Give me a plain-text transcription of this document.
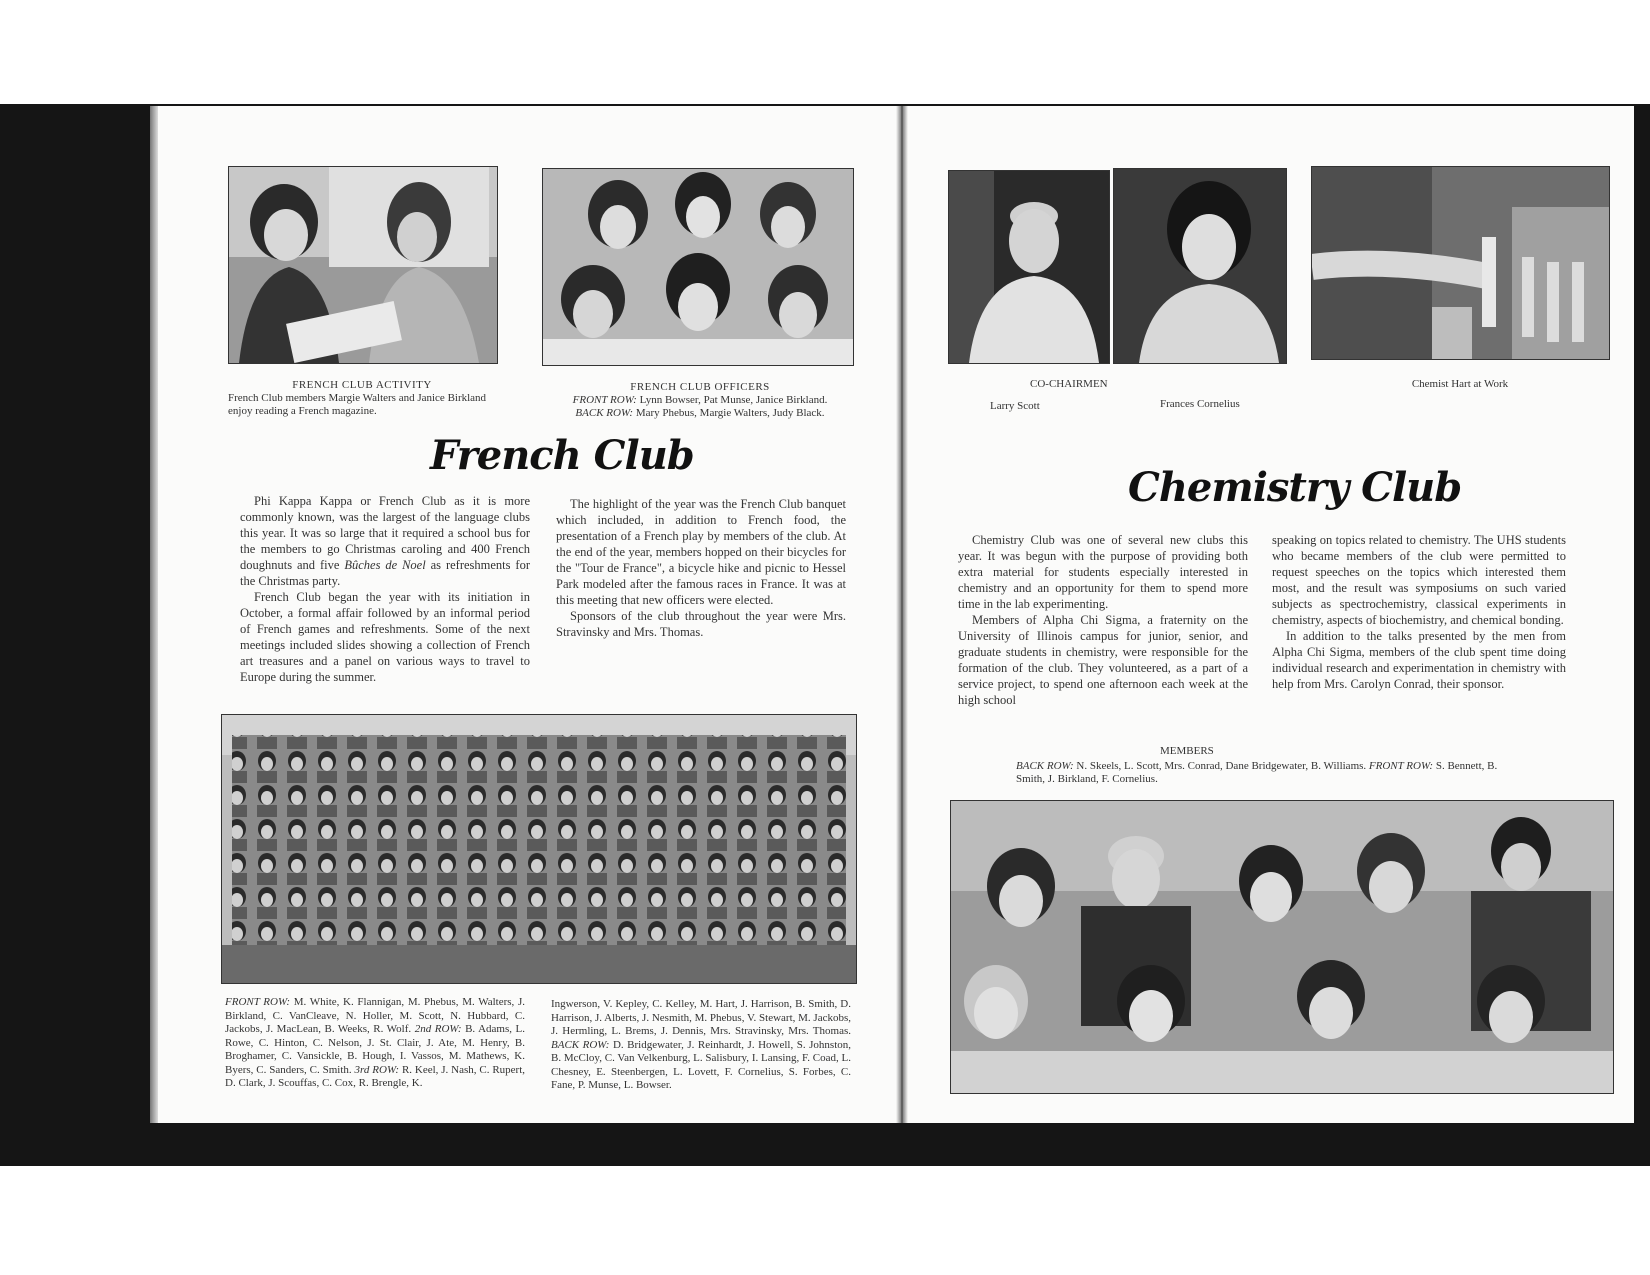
FRENCH CLUB ACTIVITY
French Club members Margie Walters and Janice Birkland enjoy reading a French magazine.
FRENCH CLUB OFFICERS
FRONT ROW: Lynn Bowser, Pat Munse, Janice Birkland.
BACK ROW: Mary Phebus, Margie Walters, Judy Black.
French Club

Phi Kappa Kappa or French Club as it is more commonly known, was the largest of the language clubs this year. It was so large that it required a school bus for the members to go Christmas caroling and 400 French doughnuts and five Bûches de Noel as refreshments for the Christmas party.

French Club began the year with its initiation in October, a formal affair followed by an informal period of French games and refreshments. Some of the next meetings included slides showing a collection of French art treasures and a panel on various ways to travel to Europe during the summer.

The highlight of the year was the French Club banquet which included, in addition to French food, the presentation of a French play by members of the club. At the end of the year, members hopped on their bicycles for the "Tour de France", a bicycle hike and picnic to Hessel Park modeled after the famous races in France. It was at this meeting that new officers were elected.

Sponsors of the club throughout the year were Mrs. Stravinsky and Mrs. Thomas.

FRONT ROW: M. White, K. Flannigan, M. Phebus, M. Walters, J. Birkland, C. VanCleave, N. Holler, M. Scott, N. Hubbard, C. Jackobs, J. MacLean, B. Weeks, R. Wolf. 2nd ROW: B. Adams, L. Rowe, C. Hinton, C. Nelson, J. St. Clair, J. Ate, M. Henry, B. Broghamer, C. Vansickle, B. Hough, I. Vassos, M. Mathews, K. Byers, C. Sanders, C. Smith. 3rd ROW: R. Keel, J. Nash, C. Rupert, D. Clark, J. Scouffas, C. Cox, R. Brengle, K.
Ingwerson, V. Kepley, C. Kelley, M. Hart, J. Harrison, B. Smith, D. Harrison, J. Alberts, J. Nesmith, M. Phebus, V. Stewart, M. Jackobs, J. Hermling, L. Brems, J. Dennis, Mrs. Stravinsky, Mrs. Thomas. BACK ROW: D. Bridgewater, J. Reinhardt, J. Howell, S. Johnston, B. McCloy, C. Van Velkenburg, L. Salisbury, I. Lansing, F. Coad, L. Chesney, E. Steenbergen, L. Lovett, F. Cornelius, S. Forbes, C. Fane, P. Munse, L. Bowser.
CO-CHAIRMEN
Larry Scott	Frances Cornelius
Chemist Hart at Work
Chemistry Club

Chemistry Club was one of several new clubs this year. It was begun with the purpose of providing both extra material for students especially interested in chemistry and an opportunity for them to spend more time in the lab experimenting.

Members of Alpha Chi Sigma, a fraternity on the University of Illinois campus for junior, senior, and graduate students in chemistry, were responsible for the formation of the club. They volunteered, as a part of a service project, to spend one afternoon each week at the high school

speaking on topics related to chemistry. The UHS students who became members of the club were permitted to request speeches on the topics which interested them most, and the result was symposiums on such varied subjects as spectrochemistry, classical experiments in chemistry, aspects of biochemistry, and chemical bonding.

In addition to the talks presented by the men from Alpha Chi Sigma, members of the club spent time doing individual research and experimentation in chemistry with help from Mrs. Carolyn Conrad, their sponsor.

MEMBERS
BACK ROW: N. Skeels, L. Scott, Mrs. Conrad, Dane Bridgewater, B. Williams. FRONT ROW: S. Bennett, B. Smith, J. Birkland, F. Cornelius.
